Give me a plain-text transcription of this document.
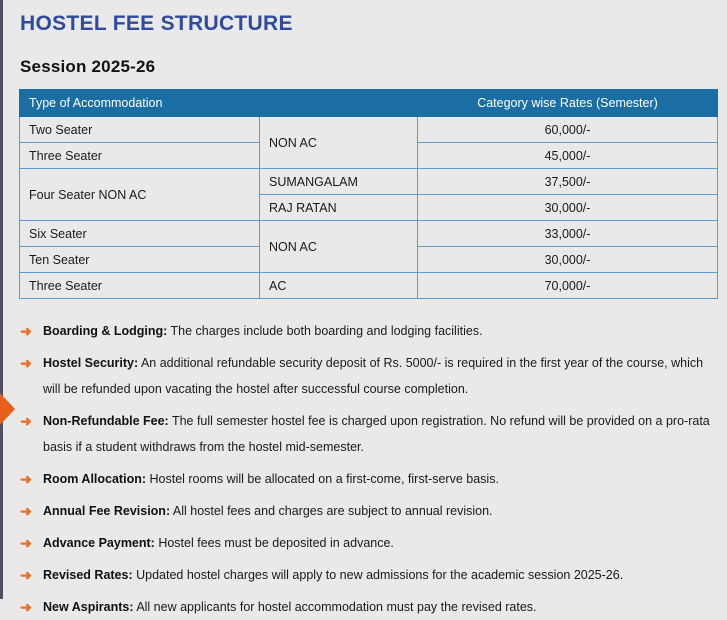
HOSTEL FEE STRUCTURE
Session 2025-26
Type of Accommodation		Category wise Rates (Semester)
Two Seater	NON AC	60,000/-
Three Seater		45,000/-
Four Seater NON AC	SUMANGALAM	37,500/-
	RAJ RATAN	30,000/-
Six Seater	NON AC	33,000/-
Ten Seater		30,000/-
Three Seater	AC	70,000/-
➜ Boarding & Lodging: The charges include both boarding and lodging facilities.
➜ Hostel Security: An additional refundable security deposit of Rs. 5000/- is required in the first year of the course, which will be refunded upon vacating the hostel after successful course completion.
➜ Non-Refundable Fee: The full semester hostel fee is charged upon registration. No refund will be provided on a pro-rata basis if a student withdraws from the hostel mid-semester.
➜ Room Allocation: Hostel rooms will be allocated on a first-come, first-serve basis.
➜ Annual Fee Revision: All hostel fees and charges are subject to annual revision.
➜ Advance Payment: Hostel fees must be deposited in advance.
➜ Revised Rates: Updated hostel charges will apply to new admissions for the academic session 2025-26.
➜ New Aspirants: All new applicants for hostel accommodation must pay the revised rates.
